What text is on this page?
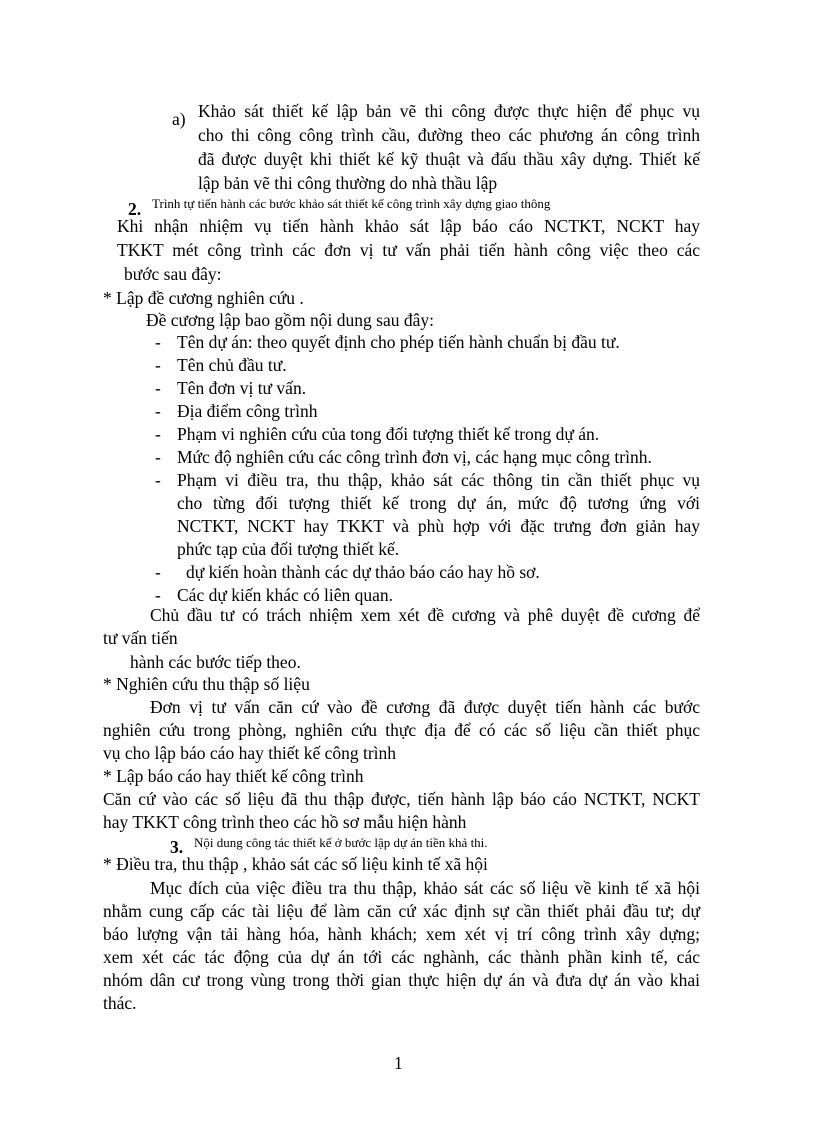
a) Khảo sát thiết kế lập bản vẽ thi công được thực hiện để phục vụ
cho thi công công trình cầu, đường theo các phương án công trình
đã được duyệt khi thiết kế kỹ thuật và đấu thầu xây dựng. Thiết kế
lập bản vẽ thi công thường do nhà thầu lập
2. Trình tự tiến hành các bước khảo sát thiết kế công trình xây dựng giao thông
Khi nhận nhiệm vụ tiến hành khảo sát lập báo cáo NCTKT, NCKT hay
TKKT mét công trình các đơn vị tư vấn phải tiến hành công việc theo các
bước sau đây:
* Lập đề cương nghiên cứu .
Đề cương lập bao gồm nội dung sau đây:
- Tên dự án: theo quyết định cho phép tiến hành chuẩn bị đầu tư.
- Tên chủ đầu tư.
- Tên đơn vị tư vấn.
- Địa điểm công trình
- Phạm vi nghiên cứu của tong đối tượng thiết kế trong dự án.
- Mức độ nghiên cứu các công trình đơn vị, các hạng mục công trình.
- Phạm vi điều tra, thu thập, khảo sát các thông tin cần thiết phục vụ
cho từng đối tượng thiết kế trong dự án, mức độ tương ứng với
NCTKT, NCKT hay TKKT và phù hợp với đặc trưng đơn giản hay
phức tạp của đối tượng thiết kế.
- dự kiến hoàn thành các dự thảo báo cáo hay hồ sơ.
- Các dự kiến khác có liên quan.
Chủ đầu tư có trách nhiệm xem xét đề cương và phê duyệt đề cương để
tư vấn tiến
hành các bước tiếp theo.
* Nghiên cứu thu thập số liệu
Đơn vị tư vấn căn cứ vào đề cương đã được duyệt tiến hành các bước
nghiên cứu trong phòng, nghiên cứu thực địa để có các số liệu cần thiết phục
vụ cho lập báo cáo hay thiết kế công trình
* Lập báo cáo hay thiết kế công trình
Căn cứ vào các số liệu đã thu thập được, tiến hành lập báo cáo NCTKT, NCKT
hay TKKT công trình theo các hồ sơ mẫu hiện hành
3. Nội dung công tác thiết kế ở bước lập dự án tiền khả thi.
* Điều tra, thu thập , khảo sát các số liệu kinh tế xã hội
Mục đích của việc điều tra thu thập, khảo sát các số liệu về kinh tế xã hội
nhằm cung cấp các tài liệu để làm căn cứ xác định sự cần thiết phải đầu tư; dự
báo lượng vận tải hàng hóa, hành khách; xem xét vị trí công trình xây dựng;
xem xét các tác động của dự án tới các nghành, các thành phần kinh tế, các
nhóm dân cư trong vùng trong thời gian thực hiện dự án và đưa dự án vào khai
thác.
1
